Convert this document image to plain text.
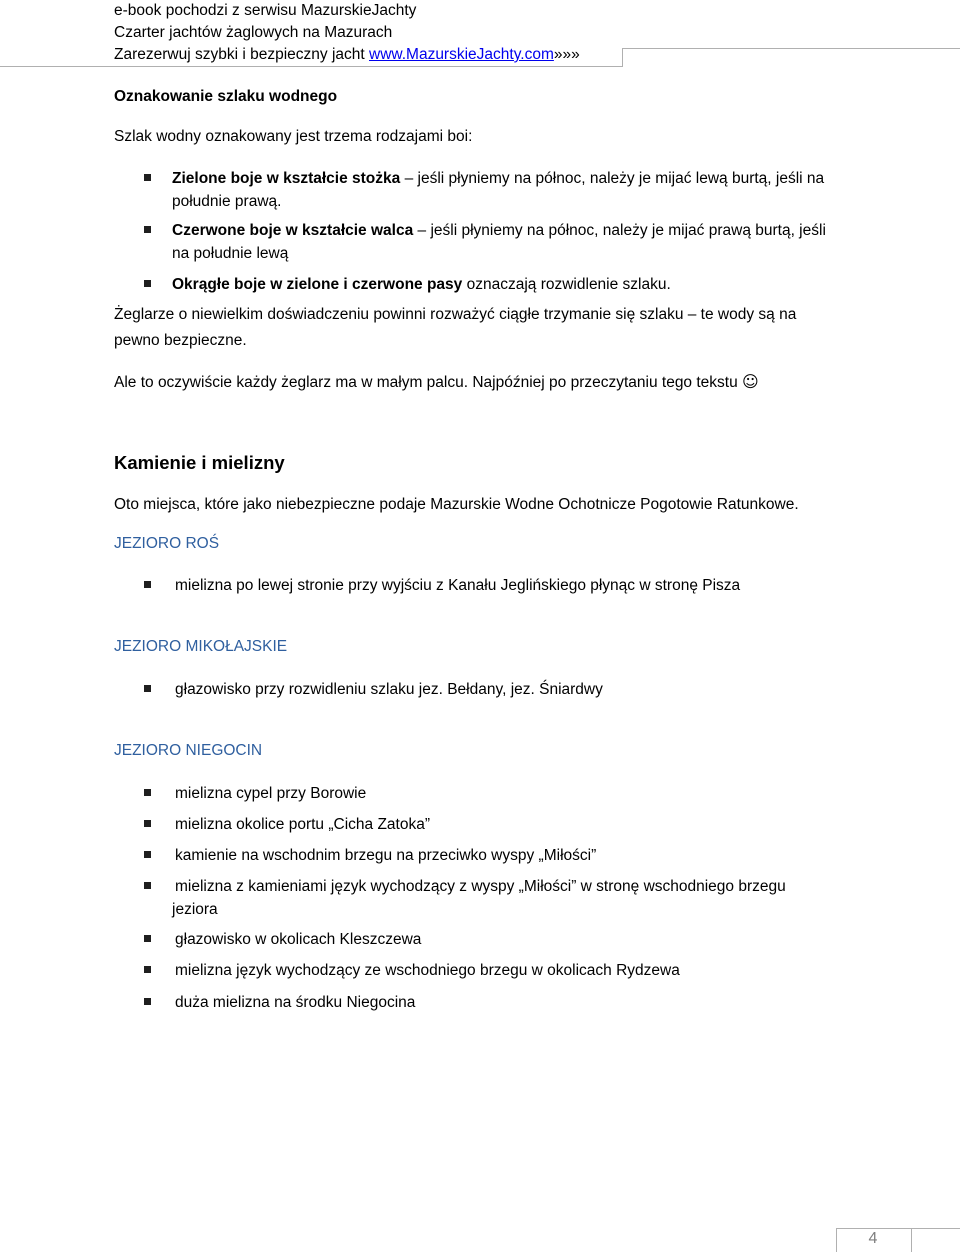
e-book pochodzi z serwisu MazurskieJachty
Czarter jachtów żaglowych na Mazurach
Zarezerwuj szybki i bezpieczny jacht www.MazurskieJachty.com»»»
Oznakowanie szlaku wodnego
Szlak wodny oznakowany jest trzema rodzajami boi:
Zielone boje w kształcie stożka – jeśli płyniemy na północ, należy je mijać lewą burtą, jeśli na
południe prawą.
Czerwone boje w kształcie walca – jeśli płyniemy na północ, należy je mijać prawą burtą, jeśli
na południe lewą
Okrągłe boje w zielone i czerwone pasy oznaczają rozwidlenie szlaku.
Żeglarze o niewielkim doświadczeniu powinni rozważyć ciągłe trzymanie się szlaku – te wody są na
pewno bezpieczne.
Ale to oczywiście każdy żeglarz ma w małym palcu. Najpóźniej po przeczytaniu tego tekstu ☺
Kamienie i mielizny
Oto miejsca, które jako niebezpieczne podaje Mazurskie Wodne Ochotnicze Pogotowie Ratunkowe.
JEZIORO ROŚ
mielizna po lewej stronie przy wyjściu z Kanału Jeglińskiego płynąc w stronę Pisza
JEZIORO MIKOŁAJSKIE
głazowisko przy rozwidleniu szlaku jez. Bełdany, jez. Śniardwy
JEZIORO NIEGOCIN
mielizna cypel przy Borowie
mielizna okolice portu „Cicha Zatoka”
kamienie na wschodnim brzegu na przeciwko wyspy „Miłości”
mielizna z kamieniami język wychodzący z wyspy „Miłości” w stronę wschodniego brzegu
jeziora
głazowisko w okolicach Kleszczewa
mielizna język wychodzący ze wschodniego brzegu w okolicach Rydzewa
duża mielizna na środku Niegocina
4
